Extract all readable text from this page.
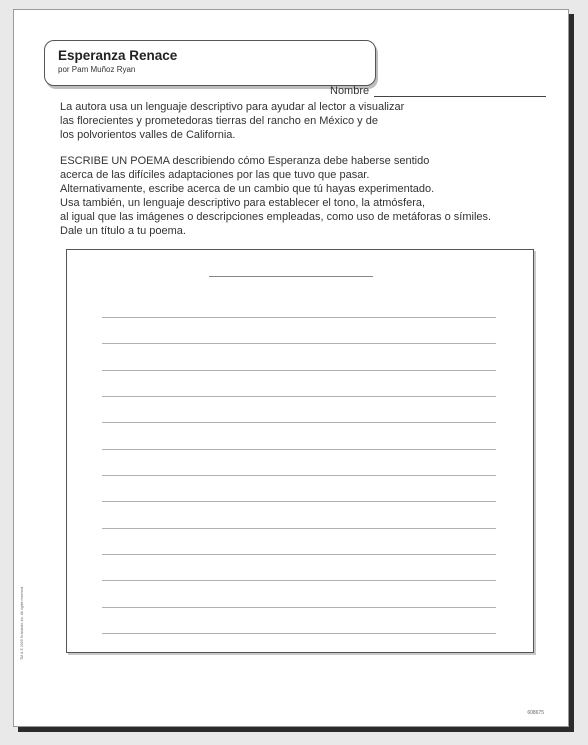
Esperanza Renace
por Pam Muñoz Ryan
Nombre
La autora usa un lenguaje descriptivo para ayudar al lector a visualizar
las florecientes y prometedoras tierras del rancho en México y de
los polvorientos valles de California.
ESCRIBE UN POEMA describiendo cómo Esperanza debe haberse sentido
acerca de las difíciles adaptaciones por las que tuvo que pasar.
Alternativamente, escribe acerca de un cambio que tú hayas experimentado.
Usa también, un lenguaje descriptivo para establecer el tono, la atmósfera,
al igual que las imágenes o descripciones empleadas, como uso de metáforas o símiles.
Dale un título a tu poema.
TM & © 2009 Scholastic Inc. All rights reserved.
608675
